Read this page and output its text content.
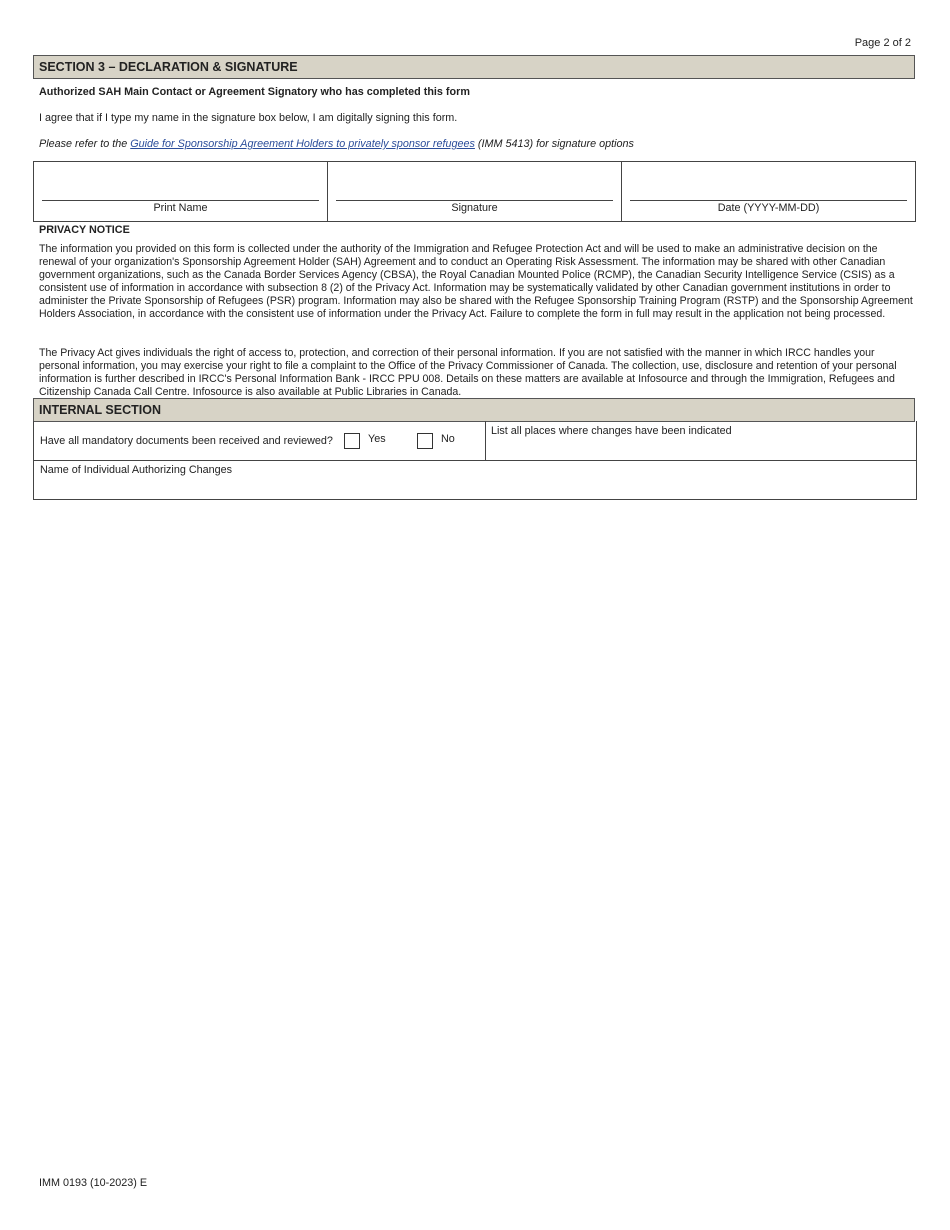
Page 2 of 2
SECTION 3 – DECLARATION & SIGNATURE
Authorized SAH Main Contact or Agreement Signatory who has completed this form
I agree that if I type my name in the signature box below, I am digitally signing this form.
Please refer to the Guide for Sponsorship Agreement Holders to privately sponsor refugees (IMM 5413) for signature options
Print Name	Signature	Date (YYYY-MM-DD)
PRIVACY NOTICE

The information you provided on this form is collected under the authority of the Immigration and Refugee Protection Act and will be used to make an administrative decision on the renewal of your organization's Sponsorship Agreement Holder (SAH) Agreement and to conduct an Operating Risk Assessment. The information may be shared with other Canadian government organizations, such as the Canada Border Services Agency (CBSA), the Royal Canadian Mounted Police (RCMP), the Canadian Security Intelligence Service (CSIS) as a consistent use of information in accordance with subsection 8 (2) of the Privacy Act. Information may be systematically validated by other Canadian government institutions in order to administer the Private Sponsorship of Refugees (PSR) program. Information may also be shared with the Refugee Sponsorship Training Program (RSTP) and the Sponsorship Agreement Holders Association, in accordance with the consistent use of information under the Privacy Act. Failure to complete the form in full may result in the application not being processed.

The Privacy Act gives individuals the right of access to, protection, and correction of their personal information. If you are not satisfied with the manner in which IRCC handles your personal information, you may exercise your right to file a complaint to the Office of the Privacy Commissioner of Canada. The collection, use, disclosure and retention of your personal information is further described in IRCC's Personal Information Bank - IRCC PPU 008. Details on these matters are available at Infosource and through the Immigration, Refugees and Citizenship Canada Call Centre. Infosource is also available at Public Libraries in Canada.

INTERNAL SECTION
Have all mandatory documents been received and reviewed?	Yes	No
List all places where changes have been indicated
Name of Individual Authorizing Changes
IMM 0193 (10-2023) E
